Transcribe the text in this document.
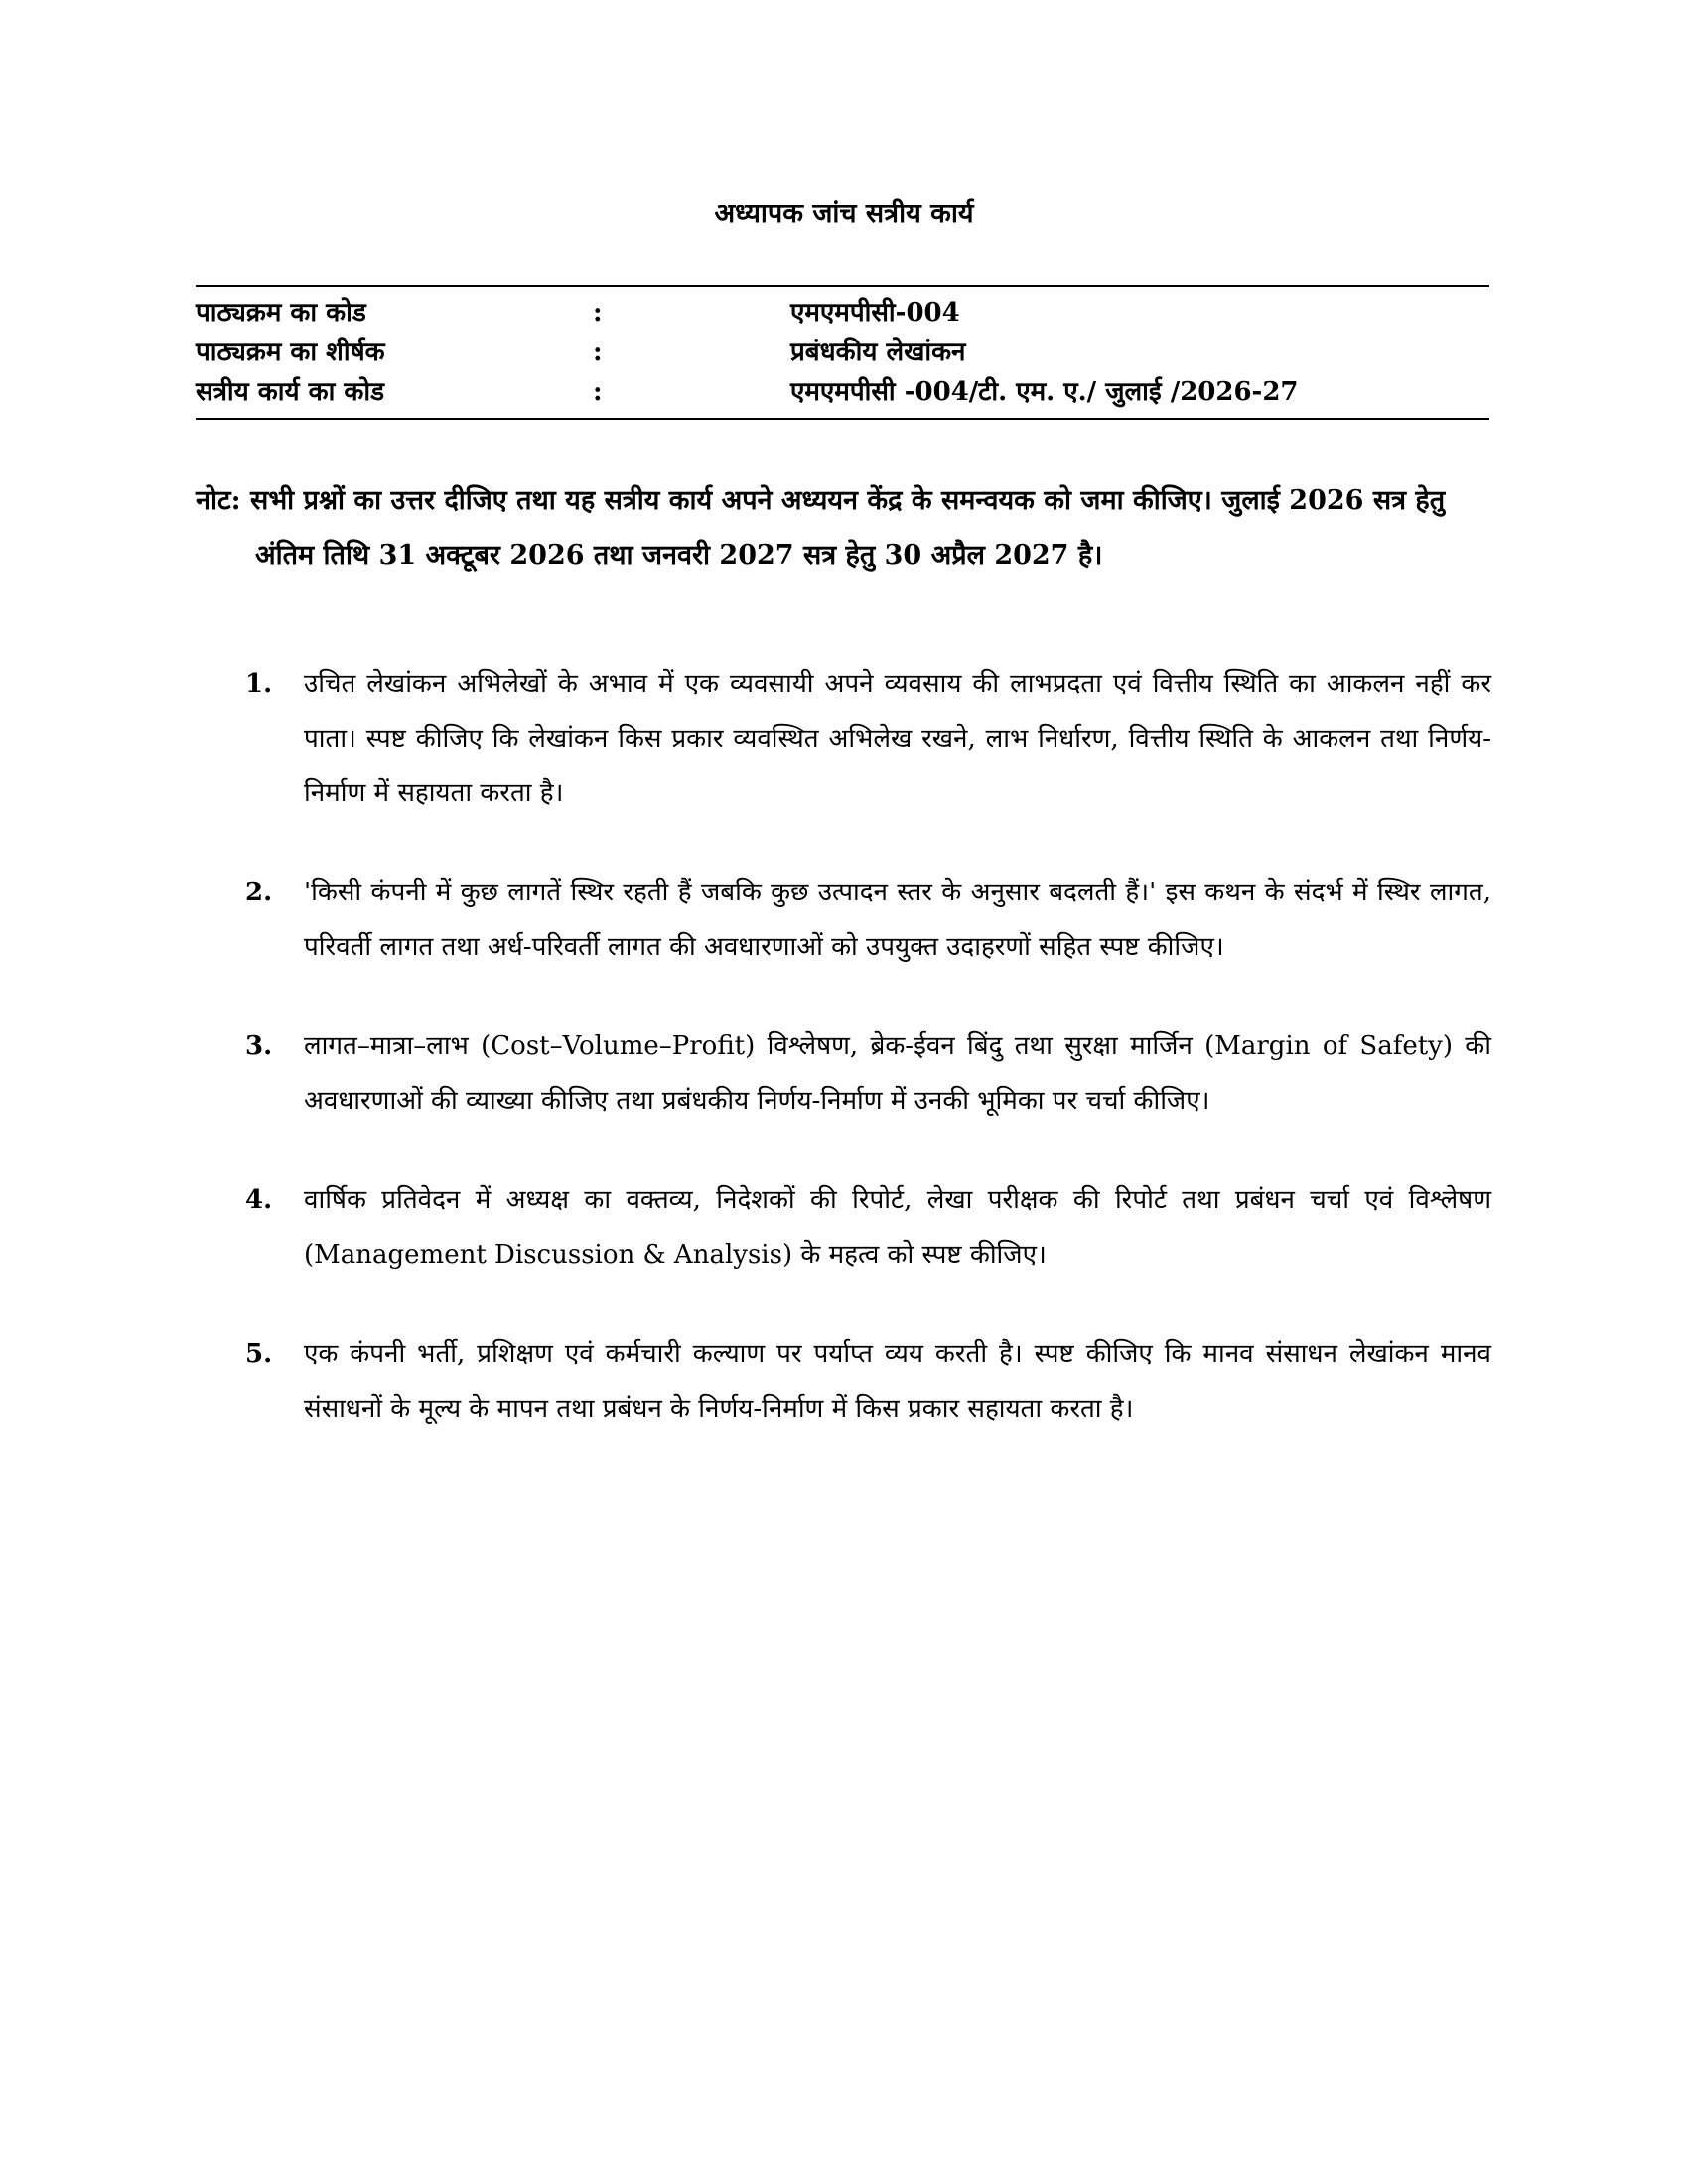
अध्यापक जांच सत्रीय कार्य
पाठ्यक्रम का कोड	:	एमएमपीसी-004
पाठ्यक्रम का शीर्षक	:	प्रबंधकीय लेखांकन
सत्रीय कार्य का कोड	:	एमएमपीसी -004/टी. एम. ए./ जुलाई /2026-27
नोट: सभी प्रश्नों का उत्तर दीजिए तथा यह सत्रीय कार्य अपने अध्ययन केंद्र के समन्वयक को जमा कीजिए। जुलाई 2026 सत्र हेतु अंतिम तिथि 31 अक्टूबर 2026 तथा जनवरी 2027 सत्र हेतु 30 अप्रैल 2027 है।
1. उचित लेखांकन अभिलेखों के अभाव में एक व्यवसायी अपने व्यवसाय की लाभप्रदता एवं वित्तीय स्थिति का आकलन नहीं कर पाता। स्पष्ट कीजिए कि लेखांकन किस प्रकार व्यवस्थित अभिलेख रखने, लाभ निर्धारण, वित्तीय स्थिति के आकलन तथा निर्णय-निर्माण में सहायता करता है।
2. 'किसी कंपनी में कुछ लागतें स्थिर रहती हैं जबकि कुछ उत्पादन स्तर के अनुसार बदलती हैं।' इस कथन के संदर्भ में स्थिर लागत, परिवर्ती लागत तथा अर्ध-परिवर्ती लागत की अवधारणाओं को उपयुक्त उदाहरणों सहित स्पष्ट कीजिए।
3. लागत–मात्रा–लाभ (Cost–Volume–Profit) विश्लेषण, ब्रेक-ईवन बिंदु तथा सुरक्षा मार्जिन (Margin of Safety) की अवधारणाओं की व्याख्या कीजिए तथा प्रबंधकीय निर्णय-निर्माण में उनकी भूमिका पर चर्चा कीजिए।
4. वार्षिक प्रतिवेदन में अध्यक्ष का वक्तव्य, निदेशकों की रिपोर्ट, लेखा परीक्षक की रिपोर्ट तथा प्रबंधन चर्चा एवं विश्लेषण (Management Discussion & Analysis) के महत्व को स्पष्ट कीजिए।
5. एक कंपनी भर्ती, प्रशिक्षण एवं कर्मचारी कल्याण पर पर्याप्त व्यय करती है। स्पष्ट कीजिए कि मानव संसाधन लेखांकन मानव संसाधनों के मूल्य के मापन तथा प्रबंधन के निर्णय-निर्माण में किस प्रकार सहायता करता है।
